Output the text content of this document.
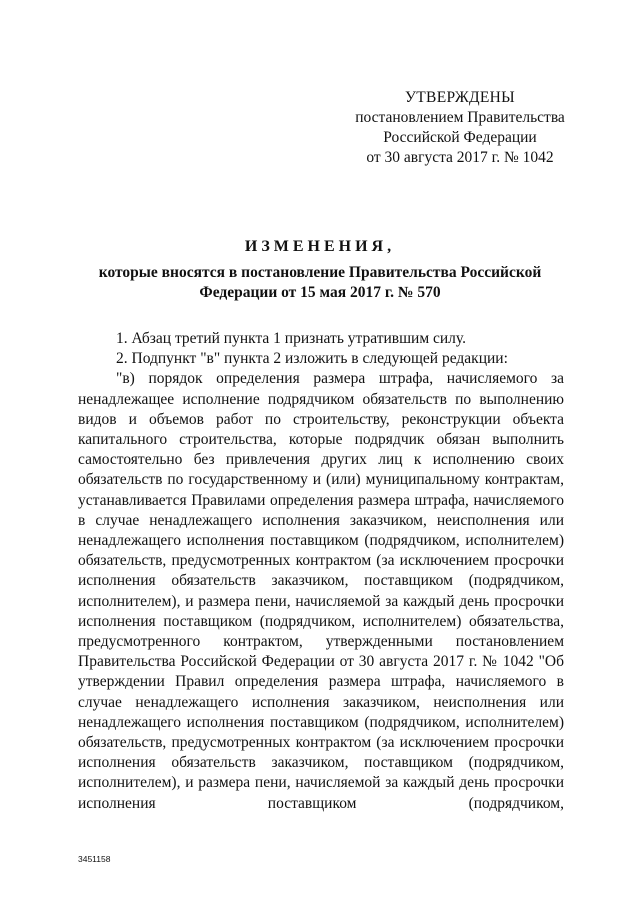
УТВЕРЖДЕНЫ
постановлением Правительства
Российской Федерации
от 30 августа 2017 г. № 1042
ИЗМЕНЕНИЯ,
которые вносятся в постановление Правительства Российской Федерации от 15 мая 2017 г. № 570

1. Абзац третий пункта 1 признать утратившим силу.

2. Подпункт "в" пункта 2 изложить в следующей редакции:

"в) порядок определения размера штрафа, начисляемого за ненадлежащее исполнение подрядчиком обязательств по выполнению видов и объемов работ по строительству, реконструкции объекта капитального строительства, которые подрядчик обязан выполнить самостоятельно без привлечения других лиц к исполнению своих обязательств по государственному и (или) муниципальному контрактам, устанавливается Правилами определения размера штрафа, начисляемого в случае ненадлежащего исполнения заказчиком, неисполнения или ненадлежащего исполнения поставщиком (подрядчиком, исполнителем) обязательств, предусмотренных контрактом (за исключением просрочки исполнения обязательств заказчиком, поставщиком (подрядчиком, исполнителем), и размера пени, начисляемой за каждый день просрочки исполнения поставщиком (подрядчиком, исполнителем) обязательства, предусмотренного контрактом, утвержденными постановлением Правительства Российской Федерации от 30 августа 2017 г. № 1042 "Об утверждении Правил определения размера штрафа, начисляемого в случае ненадлежащего исполнения заказчиком, неисполнения или ненадлежащего исполнения поставщиком (подрядчиком, исполнителем) обязательств, предусмотренных контрактом (за исключением просрочки исполнения обязательств заказчиком, поставщиком (подрядчиком, исполнителем), и размера пени, начисляемой за каждый день просрочки исполнения поставщиком (подрядчиком,

3451158
